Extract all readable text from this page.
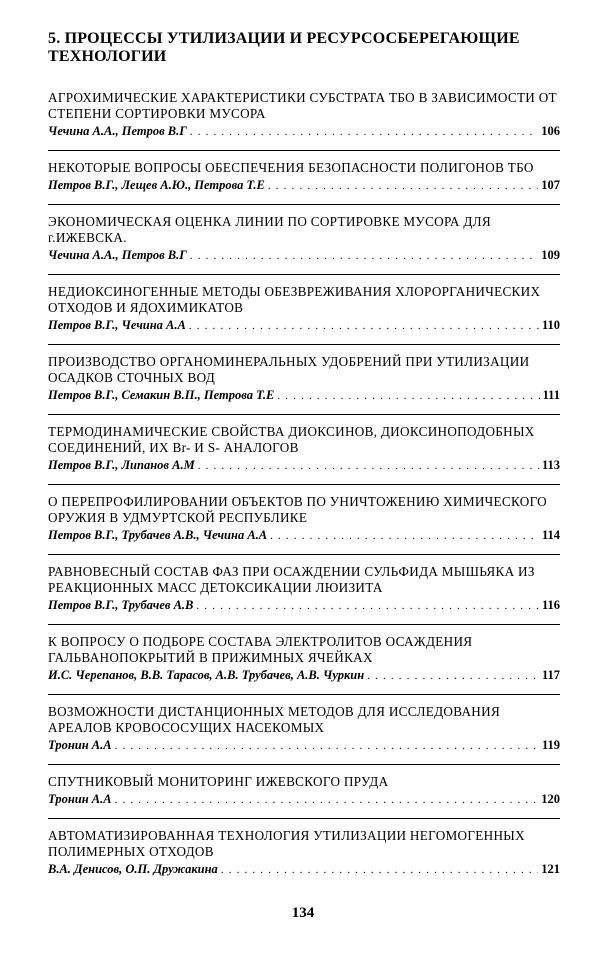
5. ПРОЦЕССЫ УТИЛИЗАЦИИ И РЕСУРСОСБЕРЕГАЮЩИЕ ТЕХНОЛОГИИ
АГРОХИМИЧЕСКИЕ ХАРАКТЕРИСТИКИ СУБСТРАТА ТБО В ЗАВИСИМОСТИ ОТ СТЕПЕНИ СОРТИРОВКИ МУСОРА
Чечина А.А., Петров В.Г . . .	106
НЕКОТОРЫЕ ВОПРОСЫ ОБЕСПЕЧЕНИЯ БЕЗОПАСНОСТИ ПОЛИГОНОВ ТБО
Петров В.Г., Лещев А.Ю., Петрова Т.Е . . .	107
ЭКОНОМИЧЕСКАЯ ОЦЕНКА ЛИНИИ ПО СОРТИРОВКЕ МУСОРА ДЛЯ г.ИЖЕВСКА.
Чечина А.А., Петров В.Г . . .	109
НЕДИОКСИНОГЕННЫЕ МЕТОДЫ ОБЕЗВРЕЖИВАНИЯ ХЛОРОРГАНИЧЕСКИХ ОТХОДОВ И ЯДОХИМИКАТОВ
Петров В.Г., Чечина А.А . . .	110
ПРОИЗВОДСТВО ОРГАНОМИНЕРАЛЬНЫХ УДОБРЕНИЙ ПРИ УТИЛИЗАЦИИ ОСАДКОВ СТОЧНЫХ ВОД
Петров В.Г., Семакин В.П., Петрова Т.Е . . .	111
ТЕРМОДИНАМИЧЕСКИЕ СВОЙСТВА ДИОКСИНОВ, ДИОКСИНОПОДОБНЫХ СОЕДИНЕНИЙ, ИХ Br- И S- АНАЛОГОВ
Петров В.Г., Липанов А.М . . .	113
О ПЕРЕПРОФИЛИРОВАНИИ ОБЪЕКТОВ ПО УНИЧТОЖЕНИЮ ХИМИЧЕСКОГО ОРУЖИЯ В УДМУРТСКОЙ РЕСПУБЛИКЕ
Петров В.Г., Трубачев А.В., Чечина А.А . . .	114
РАВНОВЕСНЫЙ СОСТАВ ФАЗ ПРИ ОСАЖДЕНИИ СУЛЬФИДА МЫШЬЯКА ИЗ РЕАКЦИОННЫХ МАСС ДЕТОКСИКАЦИИ ЛЮИЗИТА
Петров В.Г., Трубачев А.В . . .	116
К ВОПРОСУ О ПОДБОРЕ СОСТАВА ЭЛЕКТРОЛИТОВ ОСАЖДЕНИЯ ГАЛЬВАНОПОКРЫТИЙ В ПРИЖИМНЫХ ЯЧЕЙКАХ
И.С. Черепанов, В.В. Тарасов, А.В. Трубачев, А.В. Чуркин . . .	117
ВОЗМОЖНОСТИ ДИСТАНЦИОННЫХ МЕТОДОВ ДЛЯ ИССЛЕДОВАНИЯ АРЕАЛОВ КРОВОСОСУЩИХ НАСЕКОМЫХ
Тронин А.А . . .	119
СПУТНИКОВЫЙ МОНИТОРИНГ ИЖЕВСКОГО ПРУДА
Тронин А.А . . .	120
АВТОМАТИЗИРОВАННАЯ ТЕХНОЛОГИЯ УТИЛИЗАЦИИ НЕГОМОГЕННЫХ ПОЛИМЕРНЫХ ОТХОДОВ
В.А. Денисов, О.П. Дружакина . . .	121
134
